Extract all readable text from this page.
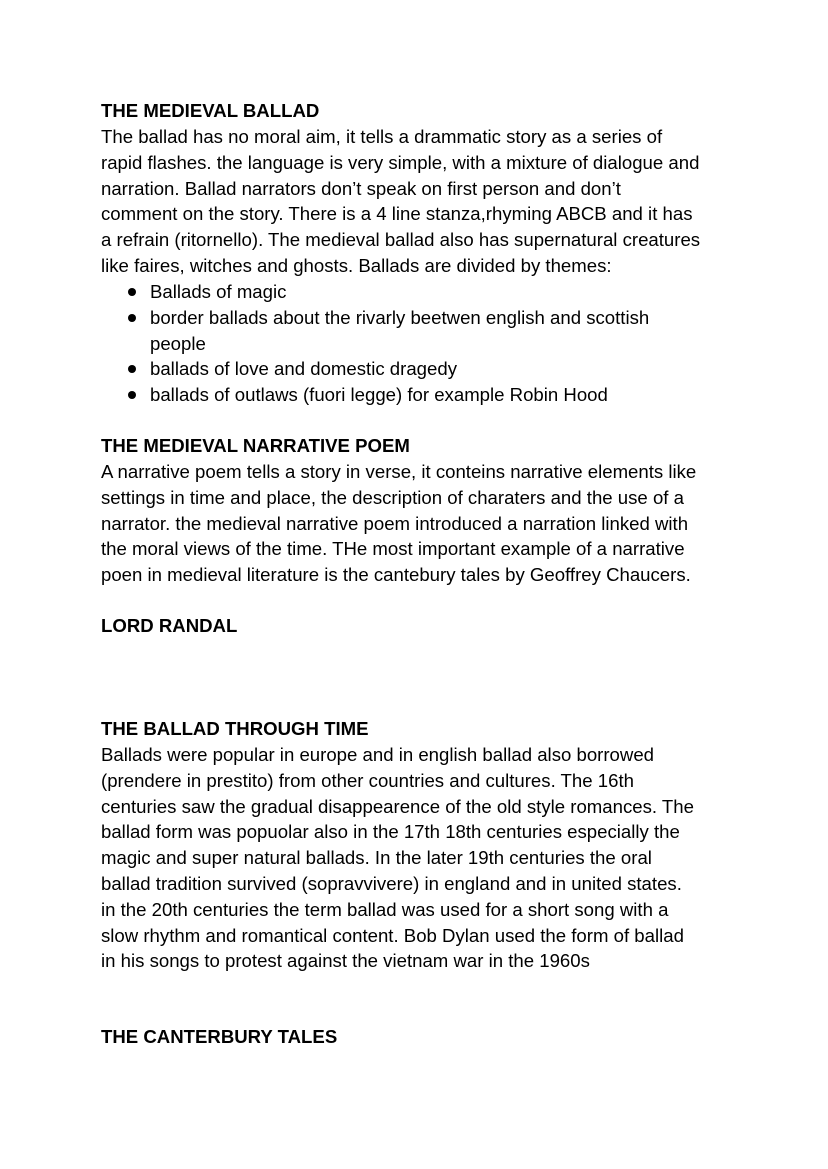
THE MEDIEVAL BALLAD
The ballad has no moral aim, it tells a drammatic story as a series of
rapid flashes. the language is very simple, with a mixture of dialogue and
narration. Ballad narrators don’t speak on first person and don’t
comment on the story. There is a 4 line stanza,rhyming ABCB and it has
a refrain (ritornello). The medieval ballad also has supernatural creatures
like faires, witches and ghosts. Ballads are divided by themes:
Ballads of magic
border ballads about the rivarly beetwen english and scottish
people
ballads of love and domestic dragedy
ballads of outlaws (fuori legge) for example Robin Hood
THE MEDIEVAL NARRATIVE POEM
A narrative poem tells a story in verse, it conteins narrative elements like
settings in time and place, the description of charaters and the use of a
narrator. the medieval narrative poem introduced a narration linked with
the moral views of the time. THe most important example of a narrative
poen in medieval literature is the cantebury tales by Geoffrey Chaucers.
LORD RANDAL
THE BALLAD THROUGH TIME
Ballads were popular in europe and in english ballad also borrowed
(prendere in prestito) from other countries and cultures. The 16th
centuries saw the gradual disappearence of the old style romances. The
ballad form was popuolar also in the 17th 18th centuries especially the
magic and super natural ballads. In the later 19th centuries the oral
ballad tradition survived (sopravvivere) in england and in united states.
in the 20th centuries the term ballad was used for a short song with a
slow rhythm and romantical content. Bob Dylan used the form of ballad
in his songs to protest against the vietnam war in the 1960s
THE CANTERBURY TALES
